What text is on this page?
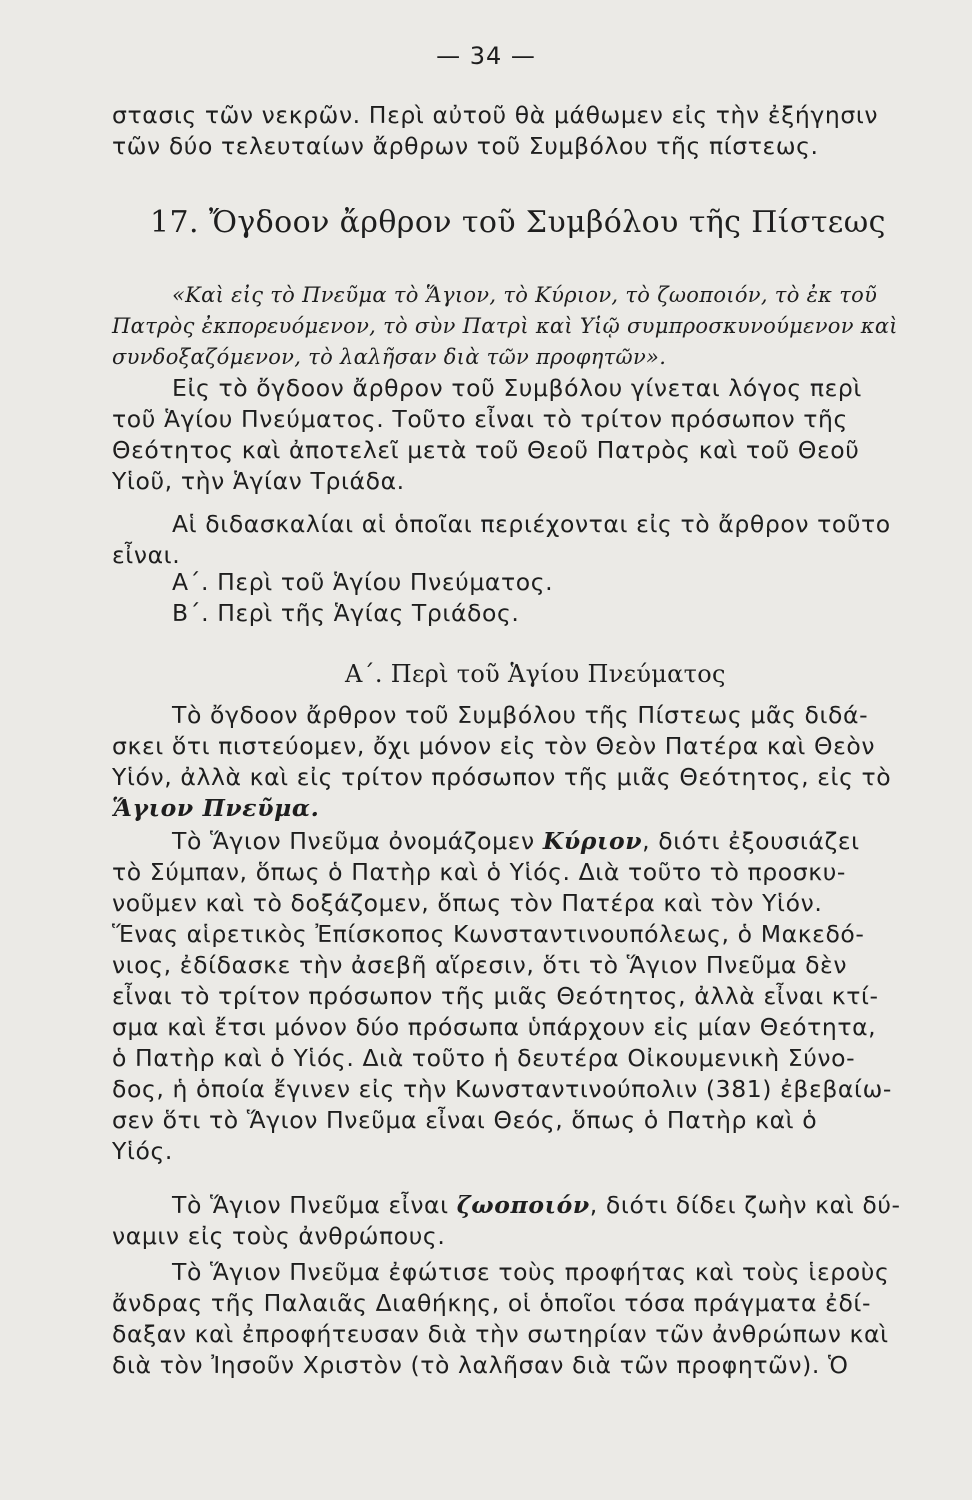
— 34 —
στασις τῶν νεκρῶν. Περὶ αὐτοῦ θὰ μάθωμεν εἰς τὴν ἐξήγησιν
τῶν δύο τελευταίων ἄρθρων τοῦ Συμβόλου τῆς πίστεως.
17. Ὄγδοον ἄρθρον τοῦ Συμβόλου τῆς Πίστεως
«Καὶ εἰς τὸ Πνεῦμα τὸ Ἅγιον, τὸ Κύριον, τὸ ζωοποιόν, τὸ ἐκ τοῦ
Πατρὸς ἐκπορευόμενον, τὸ σὺν Πατρὶ καὶ Υἱῷ συμπροσκυνούμενον καὶ
συνδοξαζόμενον, τὸ λαλῆσαν διὰ τῶν προφητῶν».
Εἰς τὸ ὄγδοον ἄρθρον τοῦ Συμβόλου γίνεται λόγος περὶ
τοῦ Ἁγίου Πνεύματος. Τοῦτο εἶναι τὸ τρίτον πρόσωπον τῆς
Θεότητος καὶ ἀποτελεῖ μετὰ τοῦ Θεοῦ Πατρὸς καὶ τοῦ Θεοῦ
Υἱοῦ, τὴν Ἁγίαν Τριάδα.
Αἱ διδασκαλίαι αἱ ὁποῖαι περιέχονται εἰς τὸ ἄρθρον τοῦτο
εἶναι.
Α΄. Περὶ τοῦ Ἁγίου Πνεύματος.
Β΄. Περὶ τῆς Ἁγίας Τριάδος.
Α΄. Περὶ τοῦ Ἁγίου Πνεύματος
Τὸ ὄγδοον ἄρθρον τοῦ Συμβόλου τῆς Πίστεως μᾶς διδά-
σκει ὅτι πιστεύομεν, ὄχι μόνον εἰς τὸν Θεὸν Πατέρα καὶ Θεὸν
Υἱόν, ἀλλὰ καὶ εἰς τρίτον πρόσωπον τῆς μιᾶς Θεότητος, εἰς τὸ
Ἅγιον Πνεῦμα.
Τὸ Ἅγιον Πνεῦμα ὀνομάζομεν Κύριον, διότι ἐξουσιάζει
τὸ Σύμπαν, ὅπως ὁ Πατὴρ καὶ ὁ Υἱός. Διὰ τοῦτο τὸ προσκυ-
νοῦμεν καὶ τὸ δοξάζομεν, ὅπως τὸν Πατέρα καὶ τὸν Υἱόν.
Ἕνας αἱρετικὸς Ἐπίσκοπος Κωνσταντινουπόλεως, ὁ Μακεδό-
νιος, ἐδίδασκε τὴν ἀσεβῆ αἵρεσιν, ὅτι τὸ Ἅγιον Πνεῦμα δὲν
εἶναι τὸ τρίτον πρόσωπον τῆς μιᾶς Θεότητος, ἀλλὰ εἶναι κτί-
σμα καὶ ἔτσι μόνον δύο πρόσωπα ὑπάρχουν εἰς μίαν Θεότητα,
ὁ Πατὴρ καὶ ὁ Υἱός. Διὰ τοῦτο ἡ δευτέρα Οἰκουμενικὴ Σύνο-
δος, ἡ ὁποία ἔγινεν εἰς τὴν Κωνσταντινούπολιν (381) ἐβεβαίω-
σεν ὅτι τὸ Ἅγιον Πνεῦμα εἶναι Θεός, ὅπως ὁ Πατὴρ καὶ ὁ
Υἱός.
Τὸ Ἅγιον Πνεῦμα εἶναι ζωοποιόν, διότι δίδει ζωὴν καὶ δύ-
ναμιν εἰς τοὺς ἀνθρώπους.
Τὸ Ἅγιον Πνεῦμα ἐφώτισε τοὺς προφήτας καὶ τοὺς ἱεροὺς
ἄνδρας τῆς Παλαιᾶς Διαθήκης, οἱ ὁποῖοι τόσα πράγματα ἐδί-
δαξαν καὶ ἐπροφήτευσαν διὰ τὴν σωτηρίαν τῶν ἀνθρώπων καὶ
διὰ τὸν Ἰησοῦν Χριστὸν (τὸ λαλῆσαν διὰ τῶν προφητῶν). Ὁ
